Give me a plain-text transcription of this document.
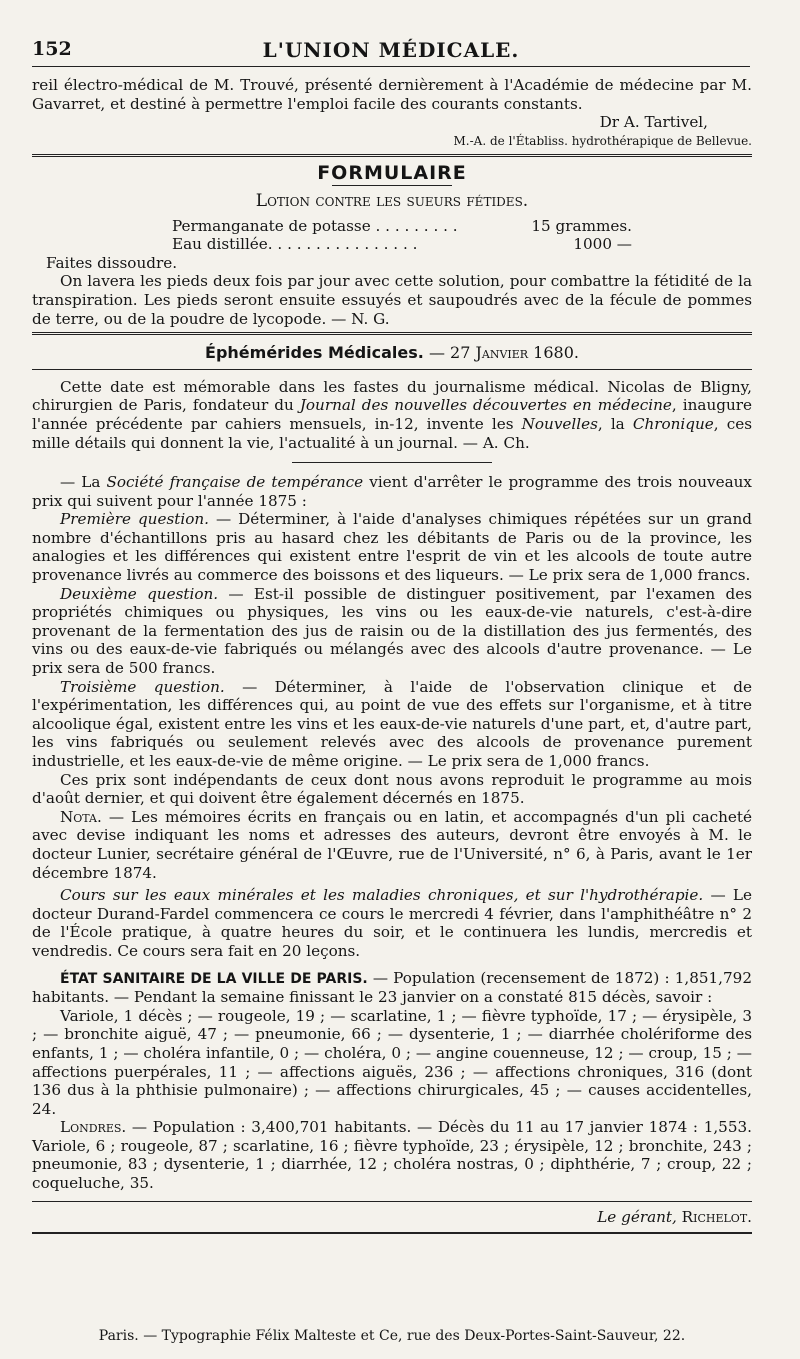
152	L'UNION MÉDICALE.

reil électro-médical de M. Trouvé, présenté dernièrement à l'Académie de médecine par M. Gavarret, et destiné à permettre l'emploi facile des courants constants.

Dr A. Tartivel,

M.-A. de l'Établiss. hydrothérapique de Bellevue.

FORMULAIRE
Lotion contre les sueurs fétides.
Permanganate de potasse . . . . . . . . .	15 grammes.
Eau distillée. . . . . . . . . . . . . . . .	1000 —

Faites dissoudre.

On lavera les pieds deux fois par jour avec cette solution, pour combattre la fétidité de la transpiration. Les pieds seront ensuite essuyés et saupoudrés avec de la fécule de pommes de terre, ou de la poudre de lycopode. — N. G.

Éphémérides Médicales. — 27 Janvier 1680.

Cette date est mémorable dans les fastes du journalisme médical. Nicolas de Bligny, chirurgien de Paris, fondateur du Journal des nouvelles découvertes en médecine, inaugure l'année précédente par cahiers mensuels, in-12, invente les Nouvelles, la Chronique, ces mille détails qui donnent la vie, l'actualité à un journal. — A. Ch.

— La Société française de tempérance vient d'arrêter le programme des trois nouveaux prix qui suivent pour l'année 1875 :

Première question. — Déterminer, à l'aide d'analyses chimiques répétées sur un grand nombre d'échantillons pris au hasard chez les débitants de Paris ou de la province, les analogies et les différences qui existent entre l'esprit de vin et les alcools de toute autre provenance livrés au commerce des boissons et des liqueurs. — Le prix sera de 1,000 francs.

Deuxième question. — Est-il possible de distinguer positivement, par l'examen des propriétés chimiques ou physiques, les vins ou les eaux-de-vie naturels, c'est-à-dire provenant de la fermentation des jus de raisin ou de la distillation des jus fermentés, des vins ou des eaux-de-vie fabriqués ou mélangés avec des alcools d'autre provenance. — Le prix sera de 500 francs.

Troisième question. — Déterminer, à l'aide de l'observation clinique et de l'expérimentation, les différences qui, au point de vue des effets sur l'organisme, et à titre alcoolique égal, existent entre les vins et les eaux-de-vie naturels d'une part, et, d'autre part, les vins fabriqués ou seulement relevés avec des alcools de provenance purement industrielle, et les eaux-de-vie de même origine. — Le prix sera de 1,000 francs.

Ces prix sont indépendants de ceux dont nous avons reproduit le programme au mois d'août dernier, et qui doivent être également décernés en 1875.

Nota. — Les mémoires écrits en français ou en latin, et accompagnés d'un pli cacheté avec devise indiquant les noms et adresses des auteurs, devront être envoyés à M. le docteur Lunier, secrétaire général de l'Œuvre, rue de l'Université, n° 6, à Paris, avant le 1er décembre 1874.

Cours sur les eaux minérales et les maladies chroniques, et sur l'hydrothérapie. — Le docteur Durand-Fardel commencera ce cours le mercredi 4 février, dans l'amphithéâtre n° 2 de l'École pratique, à quatre heures du soir, et le continuera les lundis, mercredis et vendredis. Ce cours sera fait en 20 leçons.

ÉTAT SANITAIRE DE LA VILLE DE PARIS. — Population (recensement de 1872) : 1,851,792 habitants. — Pendant la semaine finissant le 23 janvier on a constaté 815 décès, savoir :

Variole, 1 décès ; — rougeole, 19 ; — scarlatine, 1 ; — fièvre typhoïde, 17 ; — érysipèle, 3 ; — bronchite aiguë, 47 ; — pneumonie, 66 ; — dysenterie, 1 ; — diarrhée cholériforme des enfants, 1 ; — choléra infantile, 0 ; — choléra, 0 ; — angine couenneuse, 12 ; — croup, 15 ; — affections puerpérales, 11 ; — affections aiguës, 236 ; — affections chroniques, 316 (dont 136 dus à la phthisie pulmonaire) ; — affections chirurgicales, 45 ; — causes accidentelles, 24.

Londres. — Population : 3,400,701 habitants. — Décès du 11 au 17 janvier 1874 : 1,553. Variole, 6 ; rougeole, 87 ; scarlatine, 16 ; fièvre typhoïde, 23 ; érysipèle, 12 ; bronchite, 243 ; pneumonie, 83 ; dysenterie, 1 ; diarrhée, 12 ; choléra nostras, 0 ; diphthérie, 7 ; croup, 22 ; coqueluche, 35.

Le gérant, Richelot.

Paris. — Typographie Félix Malteste et Ce, rue des Deux-Portes-Saint-Sauveur, 22.
